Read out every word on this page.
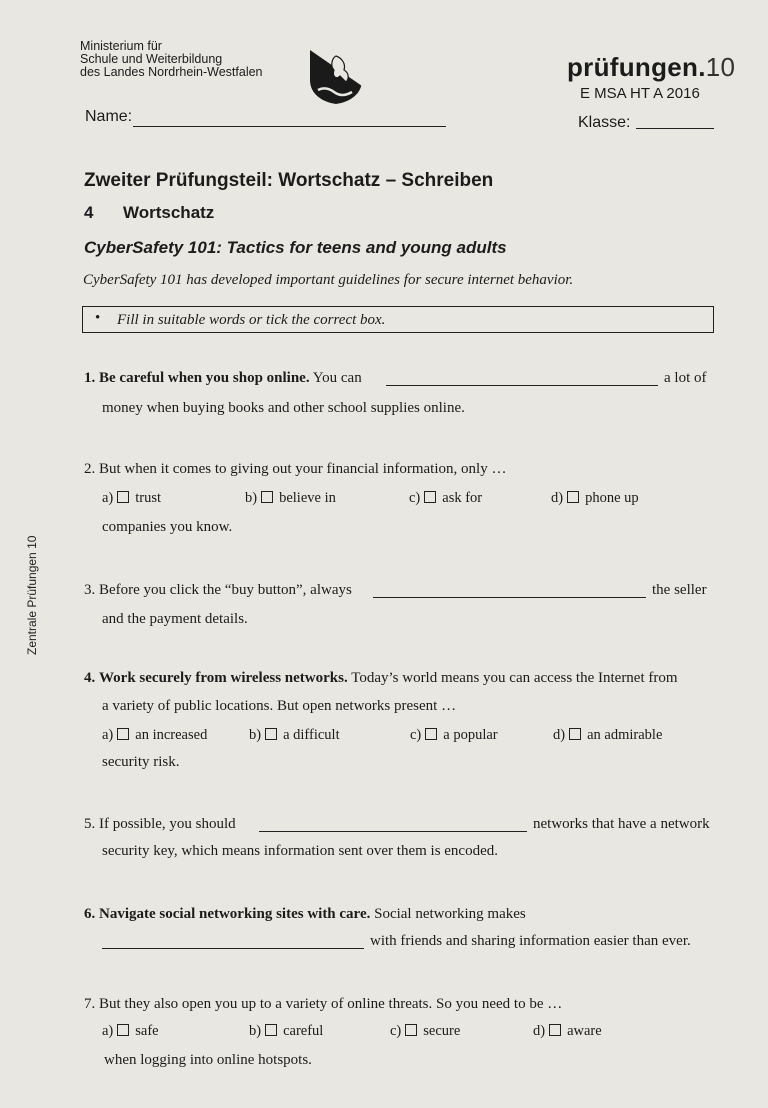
Ministerium für
Schule und Weiterbildung
des Landes Nordrhein-Westfalen	prüfungen.10
E MSA HT A 2016
Name:	Klasse:
Zweiter Prüfungsteil: Wortschatz – Schreiben
4 Wortschatz
CyberSafety 101: Tactics for teens and young adults
CyberSafety 101 has developed important guidelines for secure internet behavior.
• Fill in suitable words or tick the correct box.
Zentrale Prüfungen 10
1. Be careful when you shop online. You can	a lot of
money when buying books and other school supplies online.
2. But when it comes to giving out your financial information, only …
a) trust	b) believe in	c) ask for	d) phone up
companies you know.
3. Before you click the “buy button”, always	the seller
and the payment details.
4. Work securely from wireless networks. Today’s world means you can access the Internet from
a variety of public locations. But open networks present …
a) an increased	b) a difficult	c) a popular	d) an admirable
security risk.
5. If possible, you should	networks that have a network
security key, which means information sent over them is encoded.
6. Navigate social networking sites with care. Social networking makes
with friends and sharing information easier than ever.
7. But they also open you up to a variety of online threats. So you need to be …
a) safe	b) careful	c) secure	d) aware
when logging into online hotspots.
